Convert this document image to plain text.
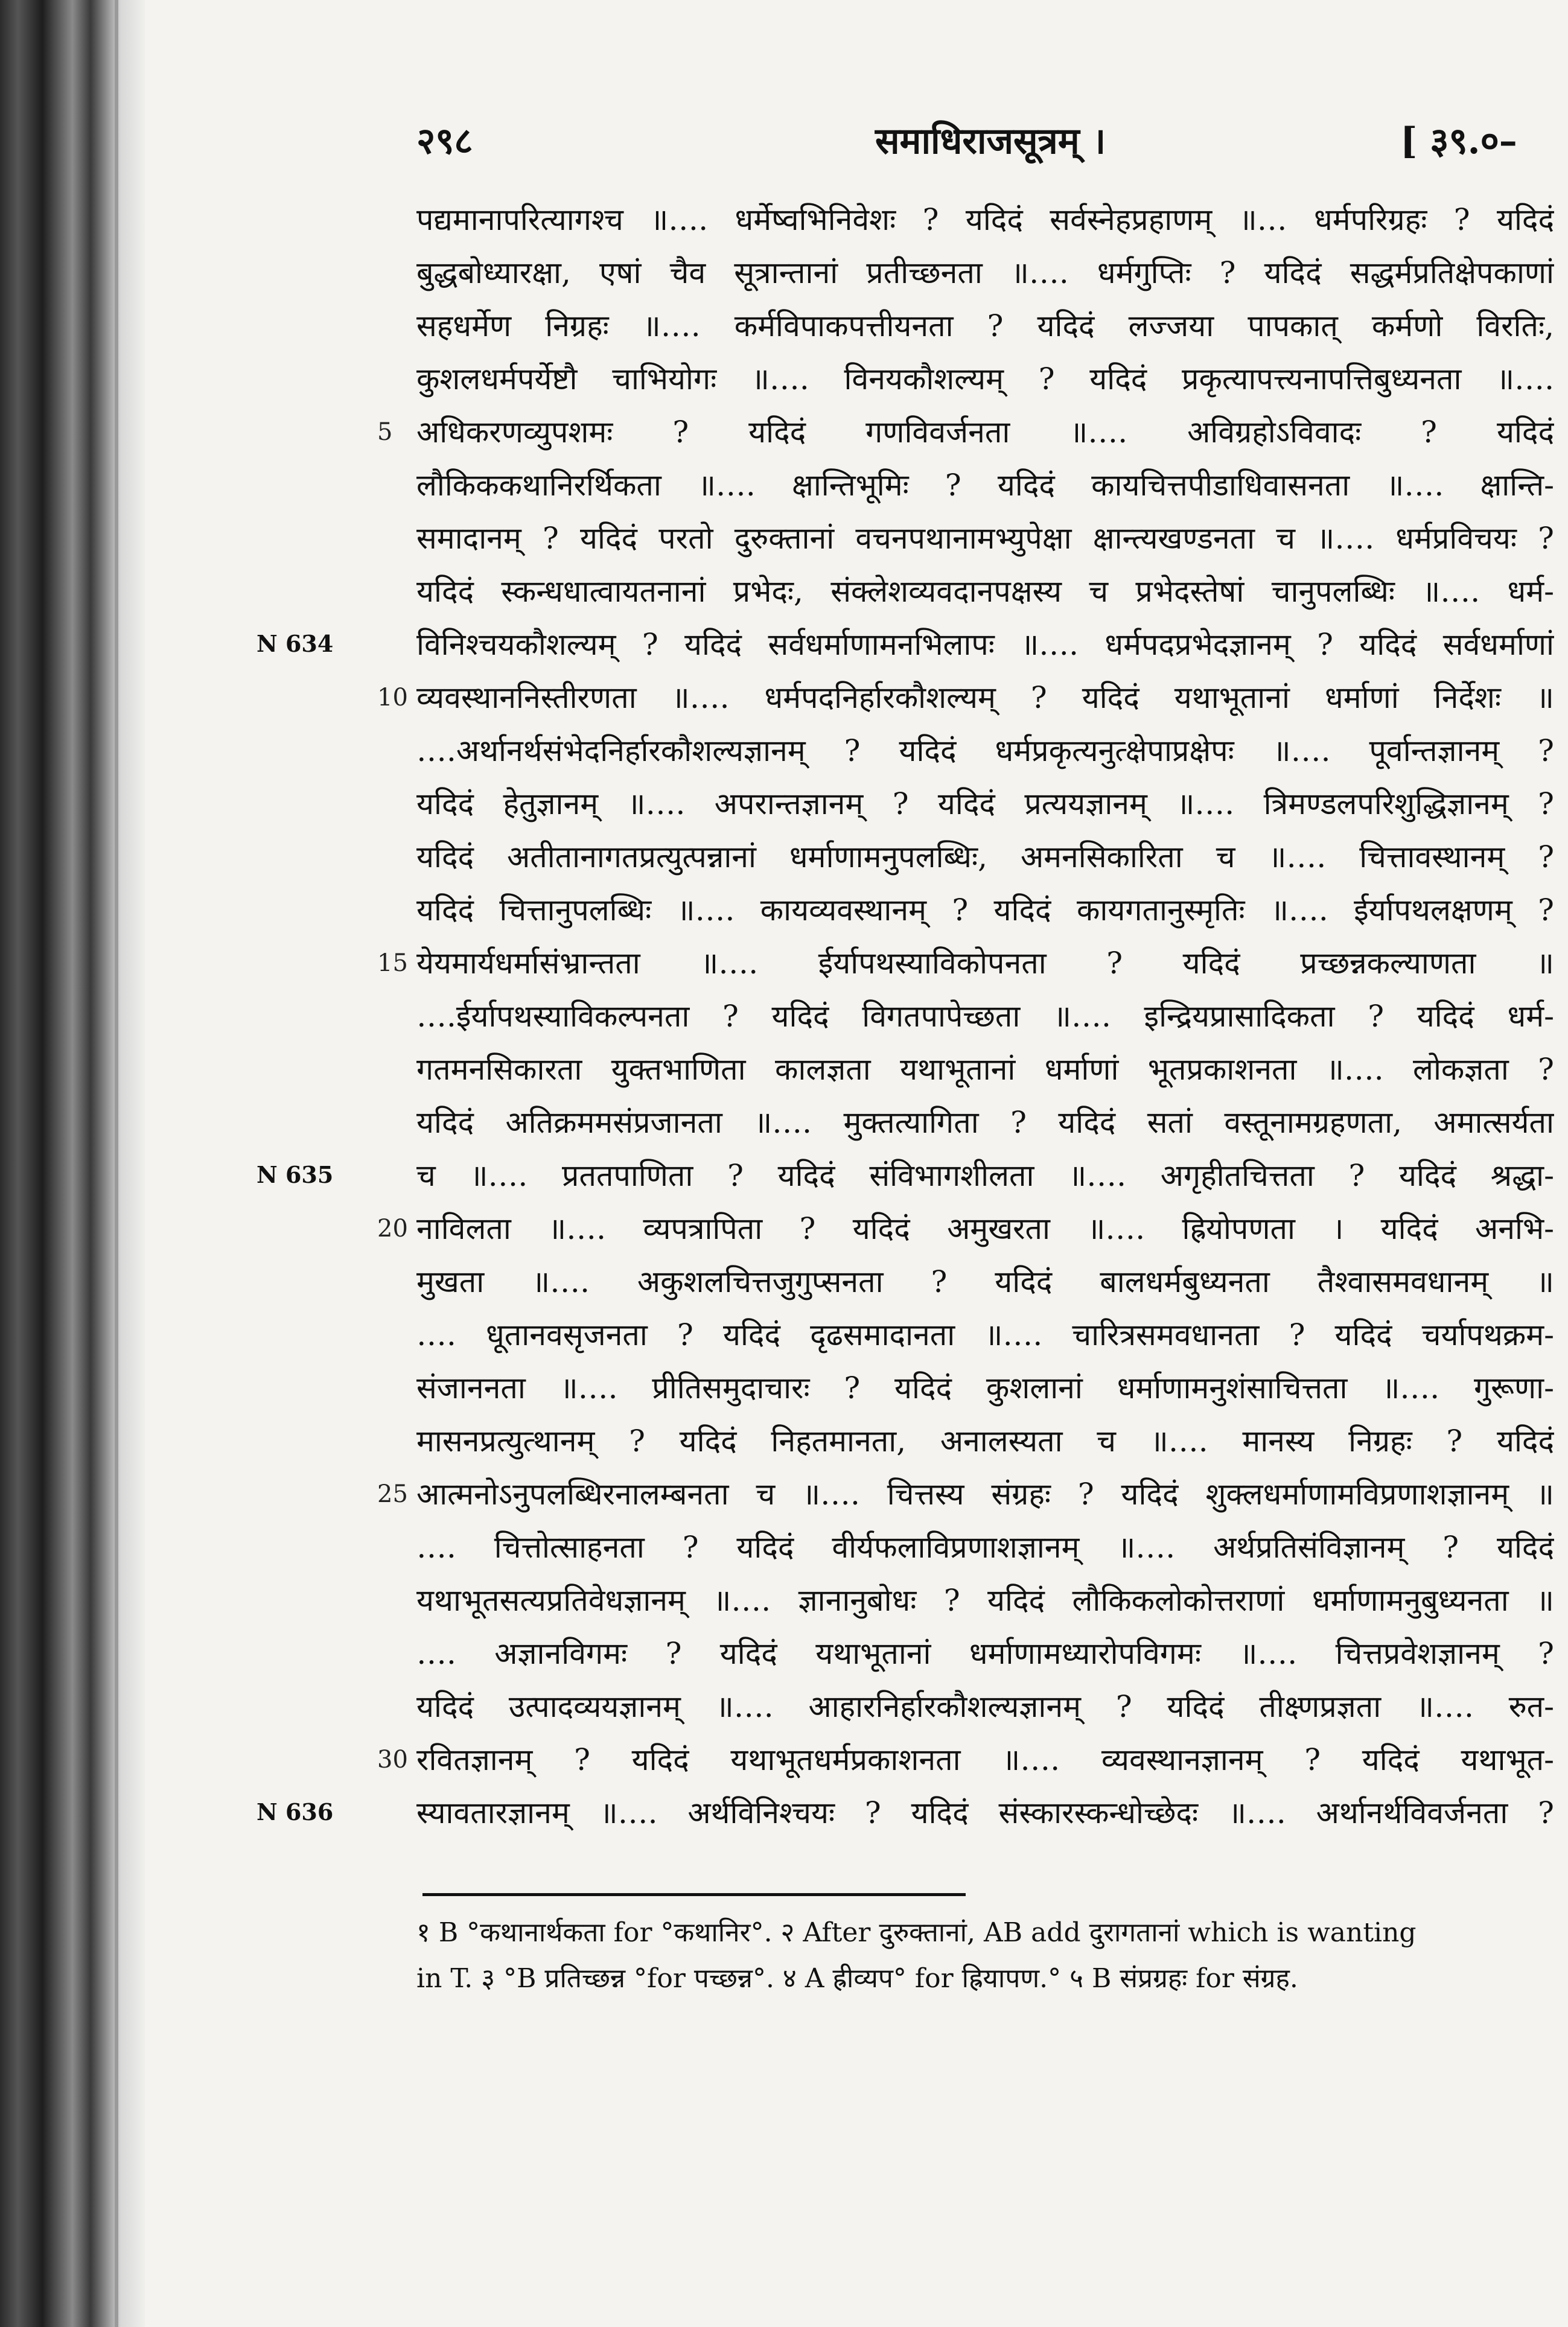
२९८	समाधिराजसूत्रम् ।	[ ३९.०–
N 634
N 635
N 636
पद्यमानापरित्यागश्च ॥…. धर्मेष्वभिनिवेशः ? यदिदं सर्वस्नेहप्रहाणम् ॥… धर्मपरिग्रहः ? यदिदं
बुद्धबोध्यारक्षा, एषां चैव सूत्रान्तानां प्रतीच्छनता ॥…. धर्मगुप्तिः ? यदिदं सद्धर्मप्रतिक्षेपकाणां
सहधर्मेण निग्रहः ॥…. कर्मविपाकपत्तीयनता ? यदिदं लज्जया पापकात् कर्मणो विरतिः,
कुशलधर्मपर्येष्टौ चाभियोगः ॥…. विनयकौशल्यम् ? यदिदं प्रकृत्यापत्त्यनापत्तिबुध्यनता ॥….
5 अधिकरणव्युपशमः ? यदिदं गणविवर्जनता ॥…. अविग्रहोऽविवादः ? यदिदं
लौकिककथानिरर्थिकता ॥…. क्षान्तिभूमिः ? यदिदं कायचित्तपीडाधिवासनता ॥…. क्षान्ति-
समादानम् ? यदिदं परतो दुरुक्तानां वचनपथानामभ्युपेक्षा क्षान्त्यखण्डनता च ॥…. धर्मप्रविचयः ?
यदिदं स्कन्धधात्वायतनानां प्रभेदः, संक्लेशव्यवदानपक्षस्य च प्रभेदस्तेषां चानुपलब्धिः ॥…. धर्म-
विनिश्चयकौशल्यम् ? यदिदं सर्वधर्माणामनभिलापः ॥…. धर्मपदप्रभेदज्ञानम् ? यदिदं सर्वधर्माणां
10 व्यवस्थाननिस्तीरणता ॥…. धर्मपदनिर्हारकौशल्यम् ? यदिदं यथाभूतानां धर्माणां निर्देशः ॥
….अर्थानर्थसंभेदनिर्हारकौशल्यज्ञानम् ? यदिदं धर्मप्रकृत्यनुत्क्षेपाप्रक्षेपः ॥…. पूर्वान्तज्ञानम् ?
यदिदं हेतुज्ञानम् ॥…. अपरान्तज्ञानम् ? यदिदं प्रत्ययज्ञानम् ॥…. त्रिमण्डलपरिशुद्धिज्ञानम् ?
यदिदं अतीतानागतप्रत्युत्पन्नानां धर्माणामनुपलब्धिः, अमनसिकारिता च ॥…. चित्तावस्थानम् ?
यदिदं चित्तानुपलब्धिः ॥…. कायव्यवस्थानम् ? यदिदं कायगतानुस्मृतिः ॥…. ईर्यापथलक्षणम् ?
15 येयमार्यधर्मासंभ्रान्तता ॥…. ईर्यापथस्याविकोपनता ? यदिदं प्रच्छन्नकल्याणता ॥
….ईर्यापथस्याविकल्पनता ? यदिदं विगतपापेच्छता ॥…. इन्द्रियप्रासादिकता ? यदिदं धर्म-
गतमनसिकारता युक्तभाणिता कालज्ञता यथाभूतानां धर्माणां भूतप्रकाशनता ॥…. लोकज्ञता ?
यदिदं अतिक्रममसंप्रजानता ॥…. मुक्तत्यागिता ? यदिदं सतां वस्तूनामग्रहणता, अमात्सर्यता
च ॥…. प्रततपाणिता ? यदिदं संविभागशीलता ॥…. अगृहीतचित्तता ? यदिदं श्रद्धा-
20 नाविलता ॥…. व्यपत्रापिता ? यदिदं अमुखरता ॥…. ह्रियोपणता । यदिदं अनभि-
मुखता ॥…. अकुशलचित्तजुगुप्सनता ? यदिदं बालधर्मबुध्यनता तैश्वासमवधानम् ॥
…. धूतानवसृजनता ? यदिदं दृढसमादानता ॥…. चारित्रसमवधानता ? यदिदं चर्यापथक्रम-
संजाननता ॥…. प्रीतिसमुदाचारः ? यदिदं कुशलानां धर्माणामनुशंसाचित्तता ॥…. गुरूणा-
मासनप्रत्युत्थानम् ? यदिदं निहतमानता, अनालस्यता च ॥…. मानस्य निग्रहः ? यदिदं
25 आत्मनोऽनुपलब्धिरनालम्बनता च ॥…. चित्तस्य संग्रहः ? यदिदं शुक्लधर्माणामविप्रणाशज्ञानम् ॥
…. चित्तोत्साहनता ? यदिदं वीर्यफलाविप्रणाशज्ञानम् ॥…. अर्थप्रतिसंविज्ञानम् ? यदिदं
यथाभूतसत्यप्रतिवेधज्ञानम् ॥…. ज्ञानानुबोधः ? यदिदं लौकिकलोकोत्तराणां धर्माणामनुबुध्यनता ॥
…. अज्ञानविगमः ? यदिदं यथाभूतानां धर्माणामध्यारोपविगमः ॥…. चित्तप्रवेशज्ञानम् ?
यदिदं उत्पादव्ययज्ञानम् ॥…. आहारनिर्हारकौशल्यज्ञानम् ? यदिदं तीक्ष्णप्रज्ञता ॥…. रुत-
30 रवितज्ञानम् ? यदिदं यथाभूतधर्मप्रकाशनता ॥…. व्यवस्थानज्ञानम् ? यदिदं यथाभूत-
स्यावतारज्ञानम् ॥…. अर्थविनिश्चयः ? यदिदं संस्कारस्कन्धोच्छेदः ॥…. अर्थानर्थविवर्जनता ?
१ B °कथानार्थकता for °कथानिर°. २ After दुरुक्तानां, AB add दुरागतानां which is wanting
in T. ३ °B प्रतिच्छन्न °for पच्छन्न°. ४ A ह्रीव्यप° for ह्रियापण.° ५ B संप्रग्रहः for संग्रह.
